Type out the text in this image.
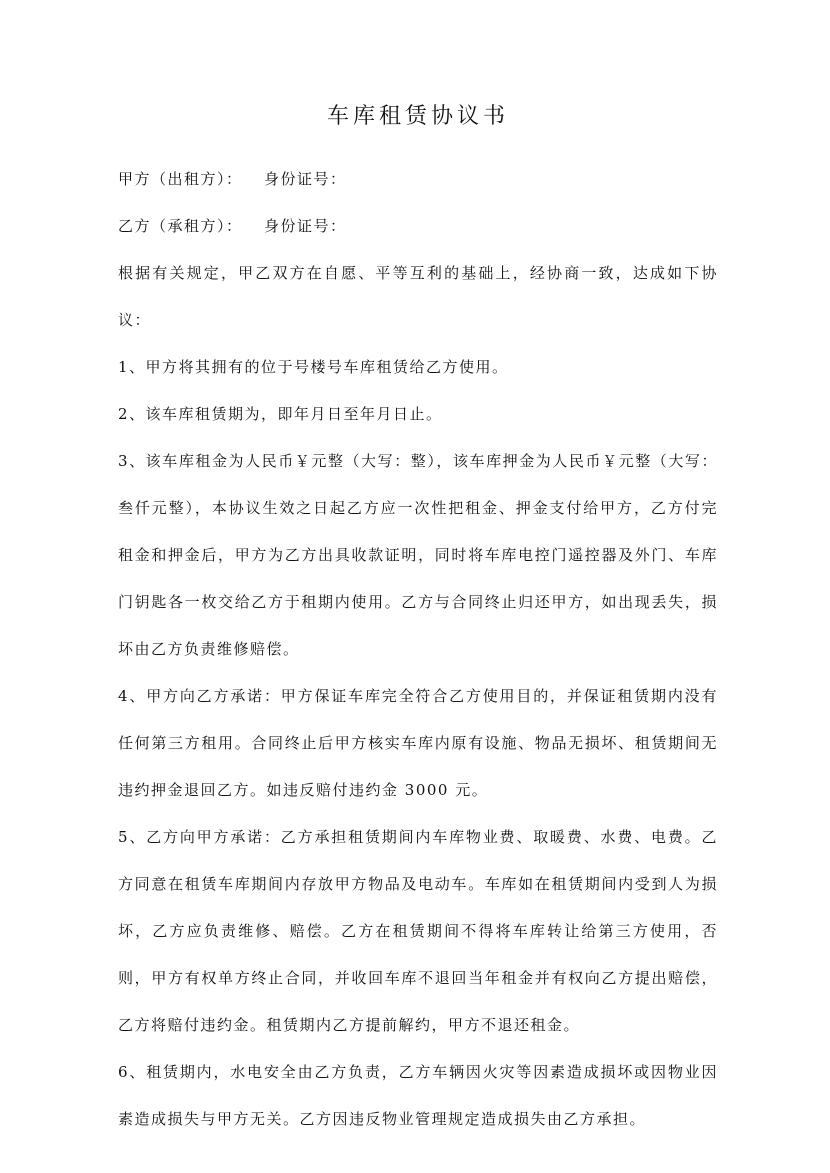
车库租赁协议书
甲方（出租方）：	身份证号：
乙方（承租方）：	身份证号：

根据有关规定，甲乙双方在自愿、平等互利的基础上，经协商一致，达成如下协议：

1、甲方将其拥有的位于号楼号车库租赁给乙方使用。

2、该车库租赁期为，即年月日至年月日止。

3、该车库租金为人民币￥元整（大写：整），该车库押金为人民币￥元整（大写：叁仟元整），本协议生效之日起乙方应一次性把租金、押金支付给甲方，乙方付完租金和押金后，甲方为乙方出具收款证明，同时将车库电控门遥控器及外门、车库门钥匙各一枚交给乙方于租期内使用。乙方与合同终止归还甲方，如出现丢失，损坏由乙方负责维修赔偿。

4、甲方向乙方承诺：甲方保证车库完全符合乙方使用目的，并保证租赁期内没有任何第三方租用。合同终止后甲方核实车库内原有设施、物品无损坏、租赁期间无违约押金退回乙方。如违反赔付违约金 3000 元。

5、乙方向甲方承诺：乙方承担租赁期间内车库物业费、取暖费、水费、电费。乙方同意在租赁车库期间内存放甲方物品及电动车。车库如在租赁期间内受到人为损坏，乙方应负责维修、赔偿。乙方在租赁期间不得将车库转让给第三方使用，否则，甲方有权单方终止合同，并收回车库不退回当年租金并有权向乙方提出赔偿，乙方将赔付违约金。租赁期内乙方提前解约，甲方不退还租金。

6、租赁期内，水电安全由乙方负责，乙方车辆因火灾等因素造成损坏或因物业因素造成损失与甲方无关。乙方因违反物业管理规定造成损失由乙方承担。
